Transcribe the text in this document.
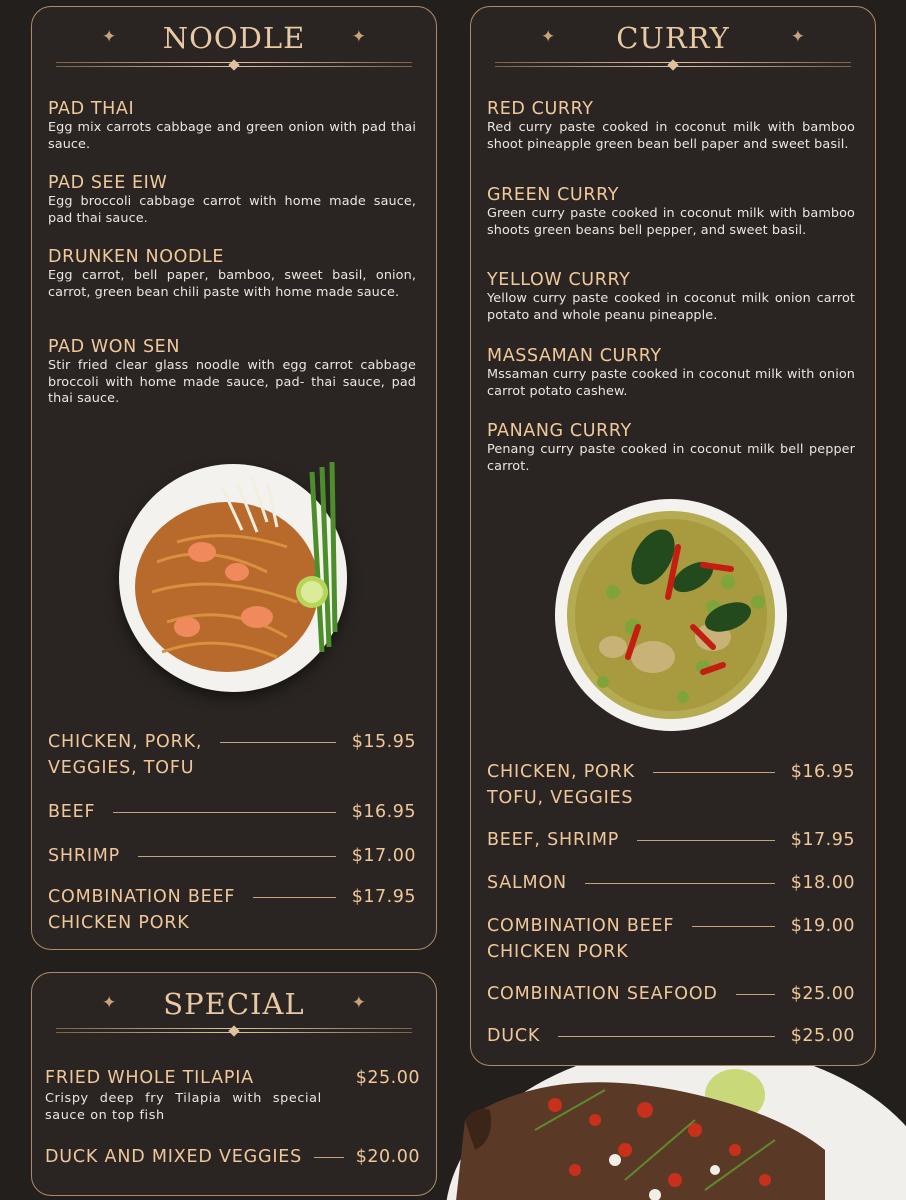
✦	NOODLE	✦
PAD THAI
Egg mix carrots cabbage and green onion with pad thai sauce.
PAD SEE EIW
Egg broccoli cabbage carrot with home made sauce, pad thai sauce.
DRUNKEN NOODLE
Egg carrot, bell paper, bamboo, sweet basil, onion, carrot, green bean chili paste with home made sauce.
PAD WON SEN
Stir fried clear glass noodle with egg carrot cabbage broccoli with home made sauce, pad- thai sauce, pad thai sauce.
CHICKEN, PORK,
VEGGIES, TOFU
$15.95
BEEF	$16.95
SHRIMP	$17.00
COMBINATION BEEF
CHICKEN PORK
$17.95
✦	CURRY	✦
RED CURRY
Red curry paste cooked in coconut milk with bamboo shoot pineapple green bean bell paper and sweet basil.
GREEN CURRY
Green curry paste cooked in coconut milk with bamboo shoots green beans bell pepper, and sweet basil.
YELLOW CURRY
Yellow curry paste cooked in coconut milk onion carrot potato and whole peanu pineapple.
MASSAMAN CURRY
Mssaman curry paste cooked in coconut milk with onion carrot potato cashew.
PANANG CURRY
Penang curry paste cooked in coconut milk bell pepper carrot.
CHICKEN, PORK
TOFU, VEGGIES
$16.95
BEEF, SHRIMP	$17.95
SALMON	$18.00
COMBINATION BEEF
CHICKEN PORK
$19.00
COMBINATION SEAFOOD	$25.00
DUCK	$25.00
✦	SPECIAL	✦
FRIED WHOLE TILAPIA
Crispy deep fry Tilapia with special sauce on top fish
$25.00
DUCK AND MIXED VEGGIES	$20.00
